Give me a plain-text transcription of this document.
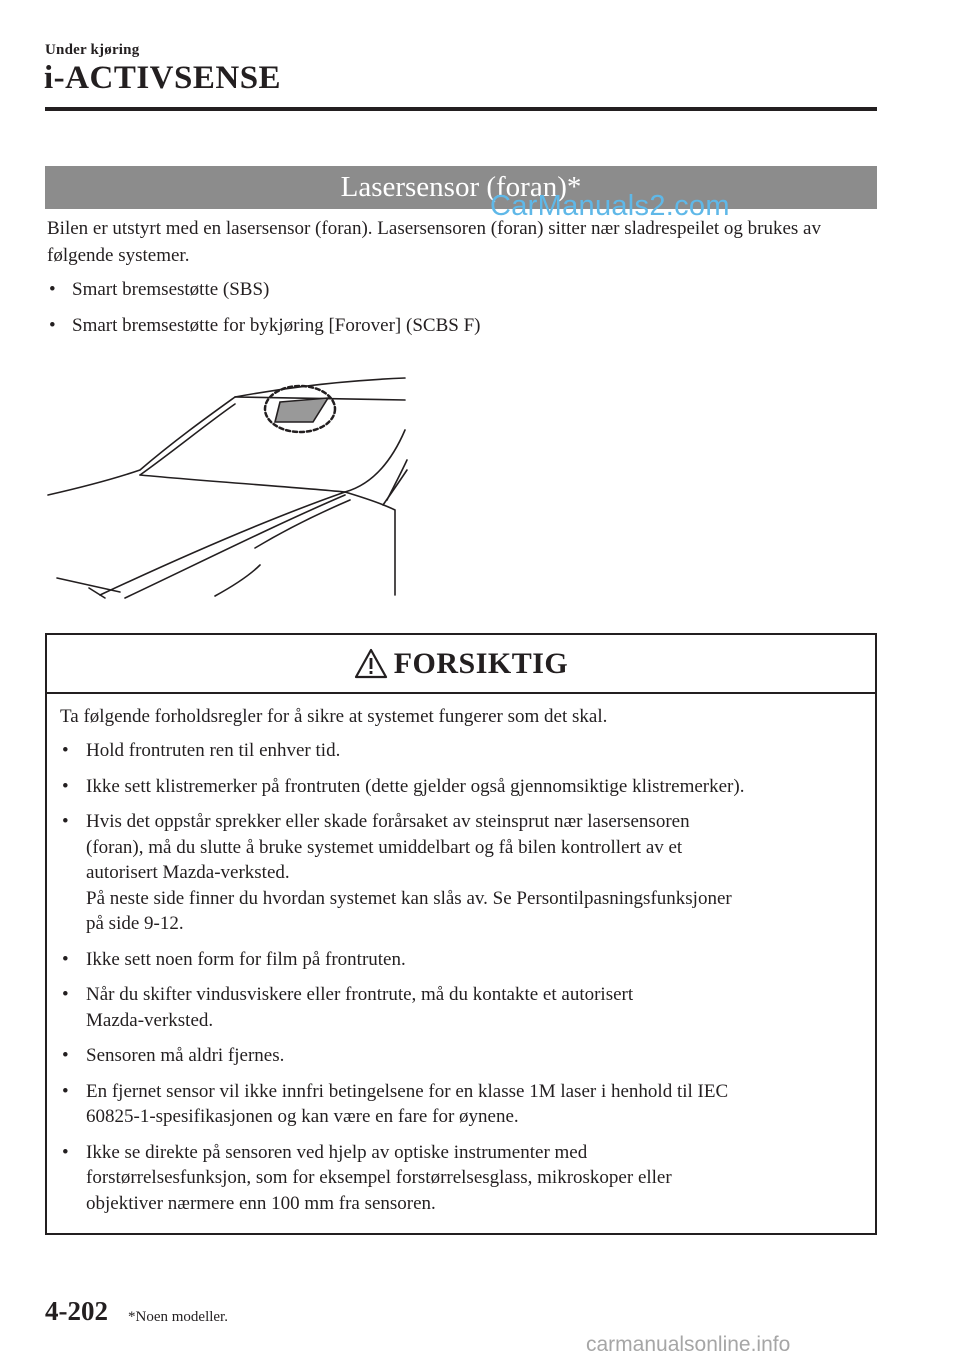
Under kjøring
i-ACTIVSENSE
Lasersensor (foran)*
CarManuals2.com

Bilen er utstyrt med en lasersensor (foran). Lasersensoren (foran) sitter nær sladrespeilet og brukes av følgende systemer.

• Smart bremsestøtte (SBS)
• Smart bremsestøtte for bykjøring [Forover] (SCBS F)
FORSIKTIG
Ta følgende forholdsregler for å sikre at systemet fungerer som det skal.
• Hold frontruten ren til enhver tid.
• Ikke sett klistremerker på frontruten (dette gjelder også gjennomsiktige klistremerker).
• Hvis det oppstår sprekker eller skade forårsaket av steinsprut nær lasersensoren
(foran), må du slutte å bruke systemet umiddelbart og få bilen kontrollert av et
autorisert Mazda-verksted.
På neste side finner du hvordan systemet kan slås av. Se Persontilpasningsfunksjoner
på side 9-12.
• Ikke sett noen form for film på frontruten.
• Når du skifter vindusviskere eller frontrute, må du kontakte et autorisert
Mazda-verksted.
• Sensoren må aldri fjernes.
• En fjernet sensor vil ikke innfri betingelsene for en klasse 1M laser i henhold til IEC
60825-1-spesifikasjonen og kan være en fare for øynene.
• Ikke se direkte på sensoren ved hjelp av optiske instrumenter med
forstørrelsesfunksjon, som for eksempel forstørrelsesglass, mikroskoper eller
objektiver nærmere enn 100 mm fra sensoren.
4-202 *Noen modeller.
carmanualsonline.info
